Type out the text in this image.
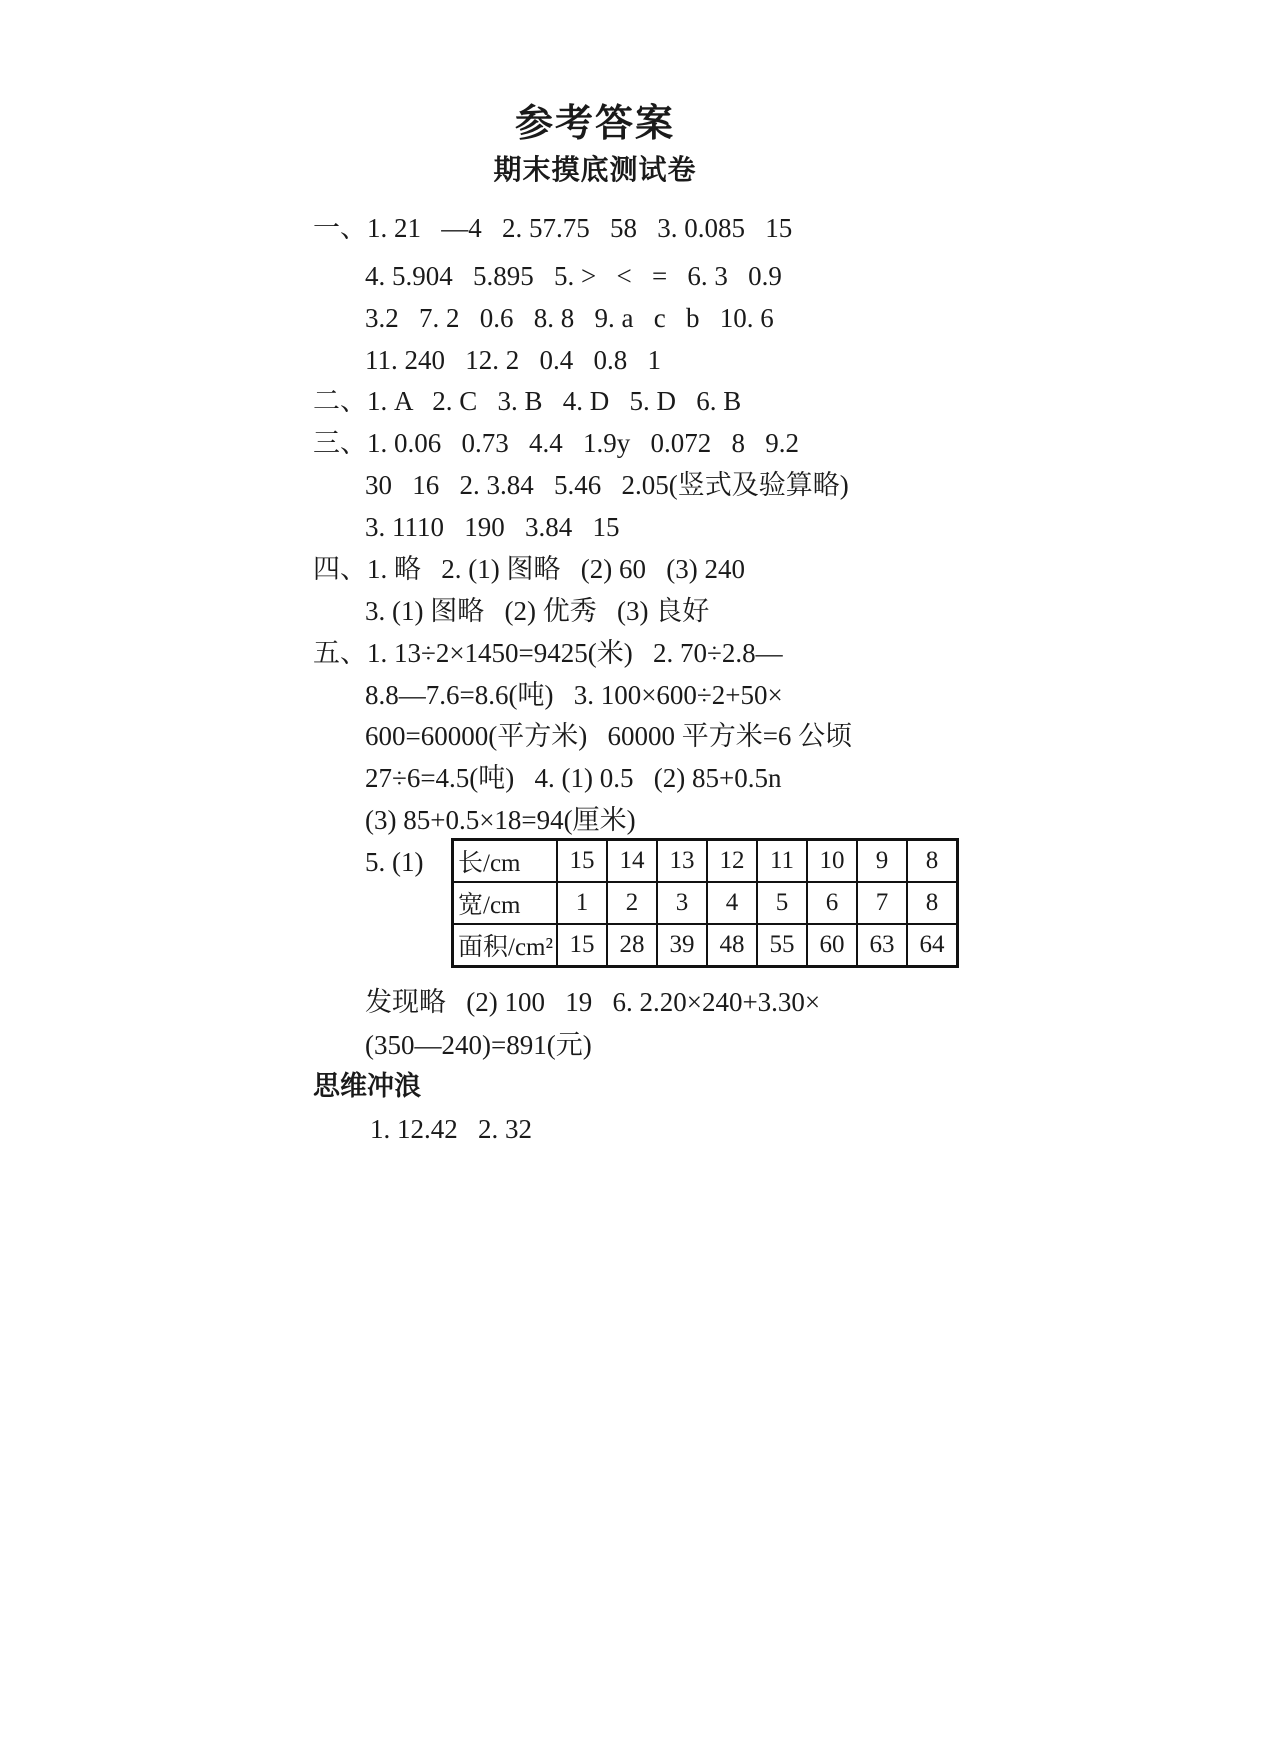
参考答案
期末摸底测试卷
一、1. 21   —4   2. 57.75   58   3. 0.085   15
4. 5.904   5.895   5. >   <   =   6. 3   0.9
3.2   7. 2   0.6   8. 8   9. a   c   b   10. 6
11. 240   12. 2   0.4   0.8   1
二、1. A   2. C   3. B   4. D   5. D   6. B
三、1. 0.06   0.73   4.4   1.9y   0.072   8   9.2
30   16   2. 3.84   5.46   2.05(竖式及验算略)
3. 1110   190   3.84   15
四、1. 略   2. (1) 图略   (2) 60   (3) 240
3. (1) 图略   (2) 优秀   (3) 良好
五、1. 13÷2×1450=9425(米)   2. 70÷2.8—
8.8—7.6=8.6(吨)   3. 100×600÷2+50×
600=60000(平方米)   60000 平方米=6 公顷
27÷6=4.5(吨)   4. (1) 0.5   (2) 85+0.5n
(3) 85+0.5×18=94(厘米)
5. (1) 长/cm	15	14	13	12	11	10	9	8
宽/cm	1	2	3	4	5	6	7	8
面积/cm²	15	28	39	48	55	60	63	64
发现略   (2) 100   19   6. 2.20×240+3.30×
(350—240)=891(元)
思维冲浪
1. 12.42   2. 32
